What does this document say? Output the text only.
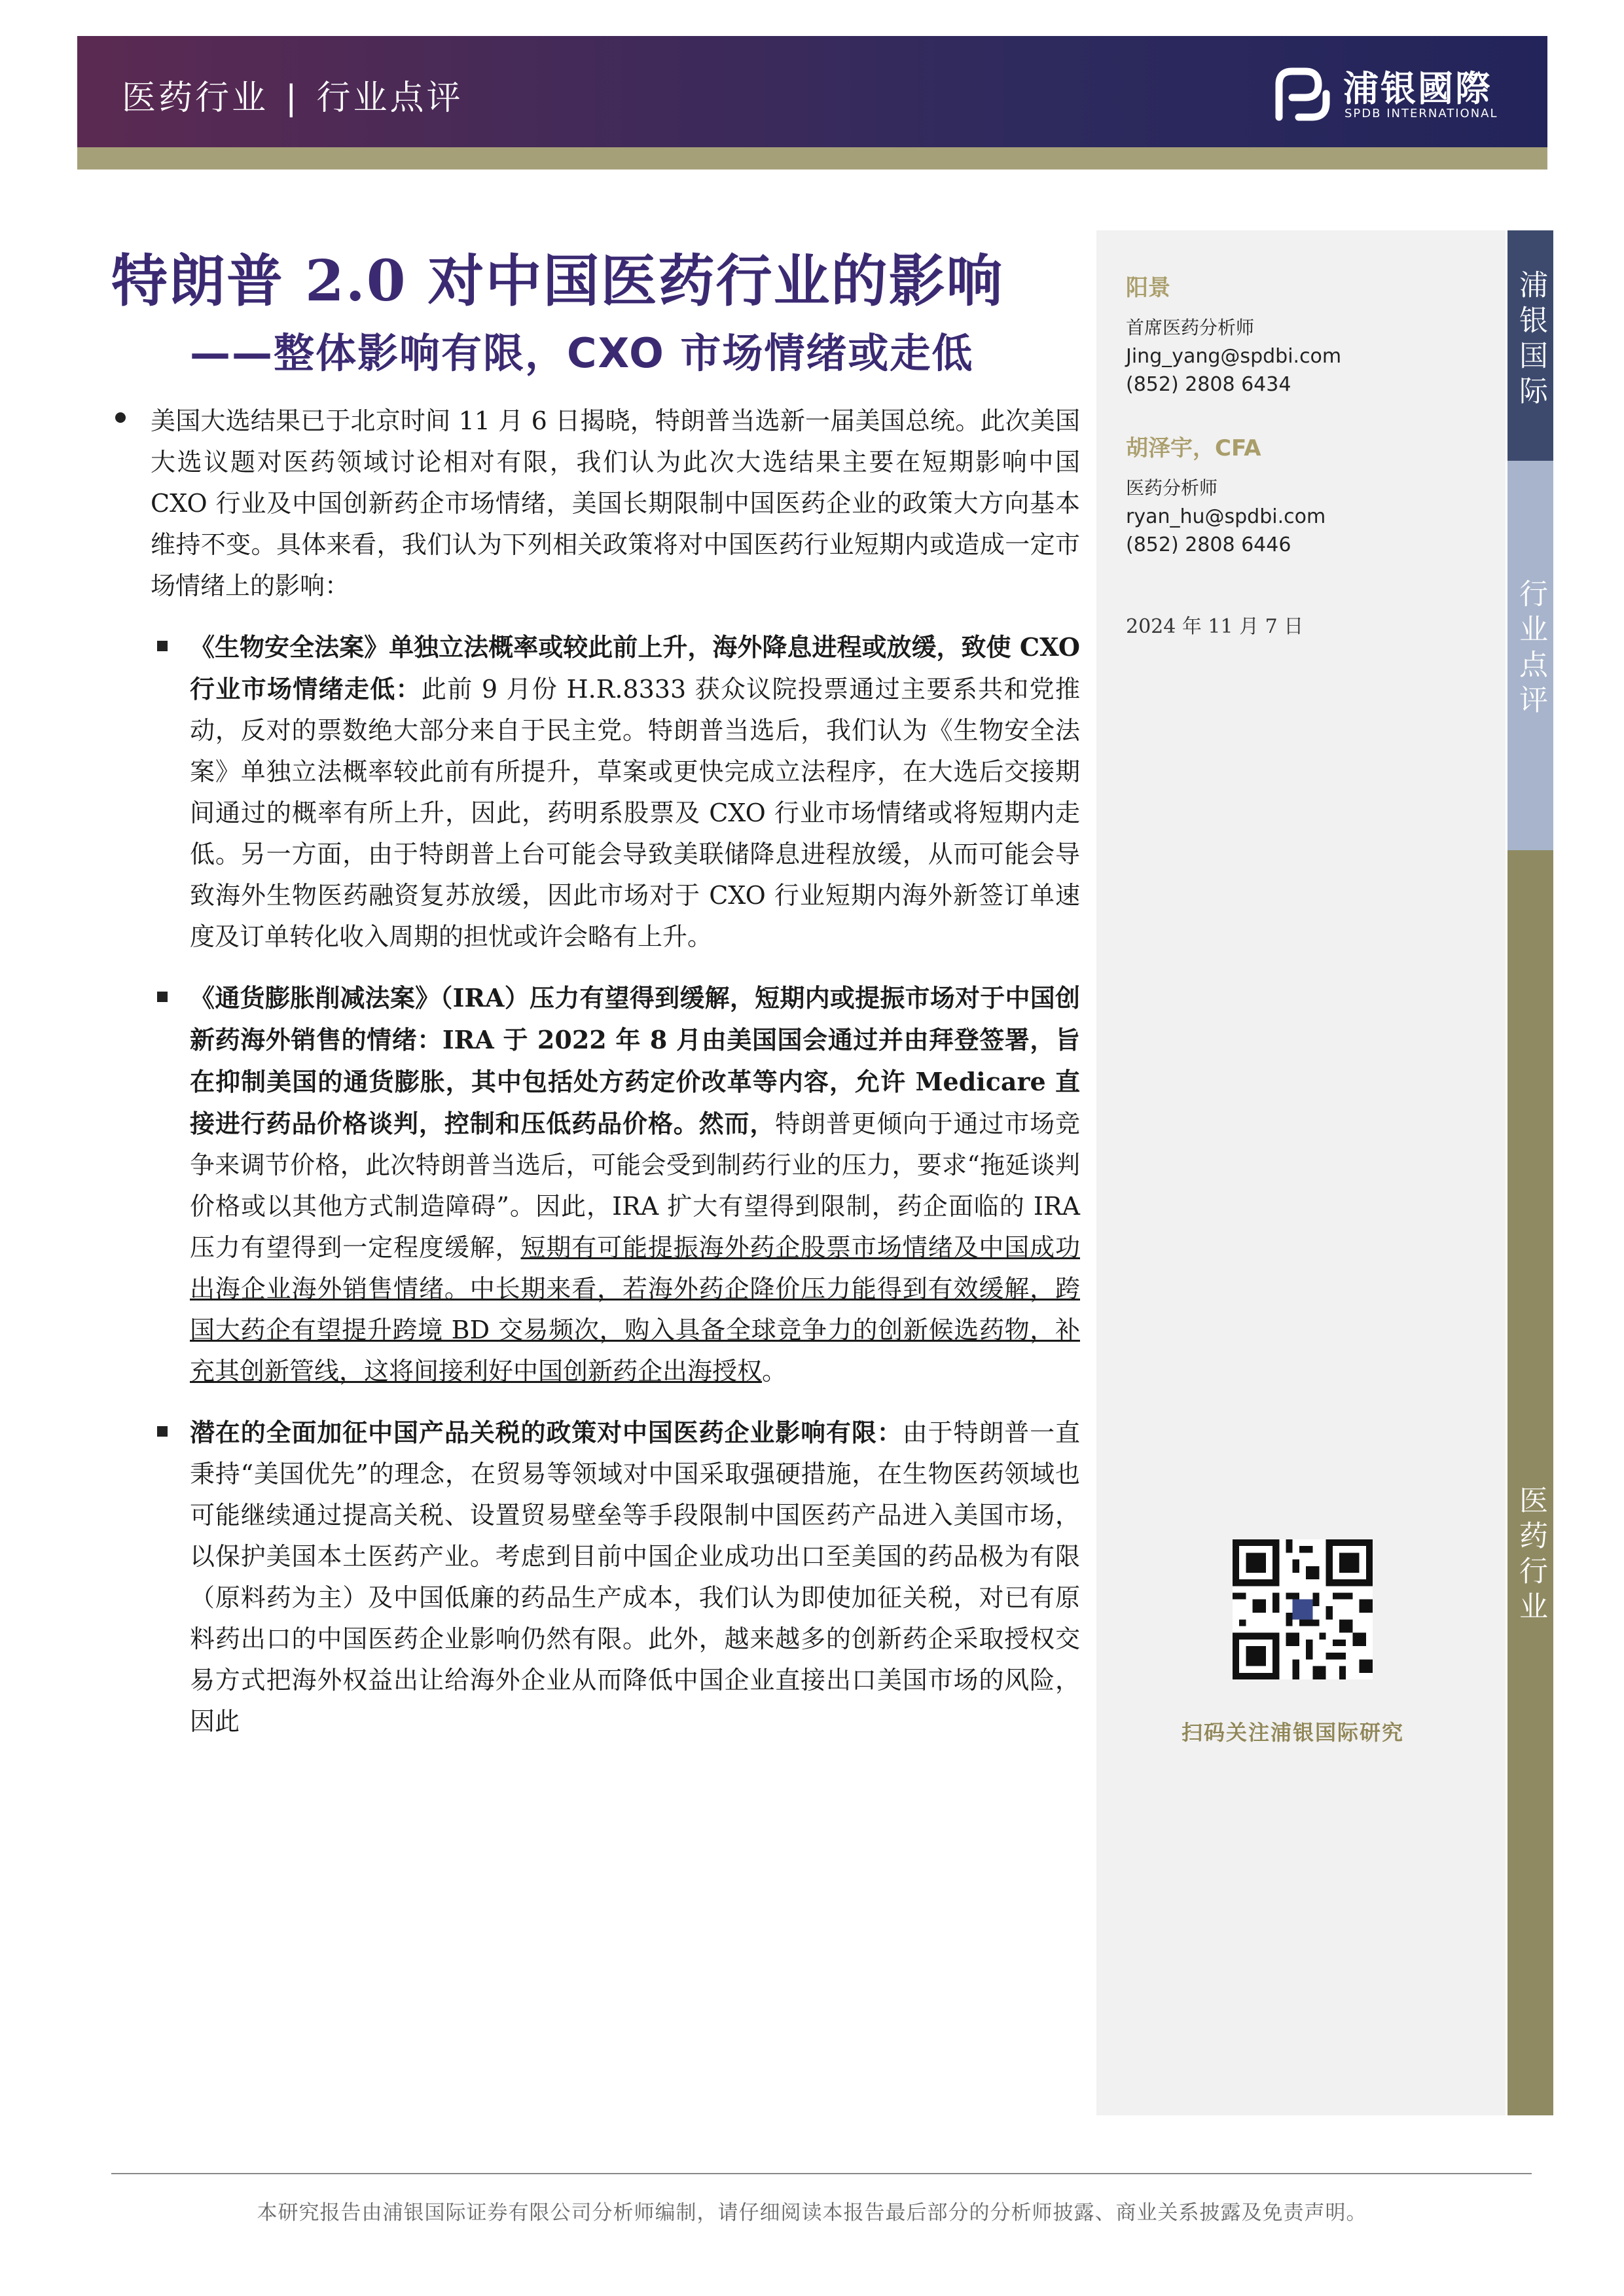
医药行业 | 行业点评	浦银國際
SPDB INTERNATIONAL
特朗普 2.0 对中国医药行业的影响
——整体影响有限，CXO 市场情绪或走低
美国大选结果已于北京时间 11 月 6 日揭晓，特朗普当选新一届美国总统。此次美国大选议题对医药领域讨论相对有限，我们认为此次大选结果主要在短期影响中国 CXO 行业及中国创新药企市场情绪，美国长期限制中国医药企业的政策大方向基本维持不变。具体来看，我们认为下列相关政策将对中国医药行业短期内或造成一定市场情绪上的影响：
《生物安全法案》单独立法概率或较此前上升，海外降息进程或放缓，致使 CXO 行业市场情绪走低：此前 9 月份 H.R.8333 获众议院投票通过主要系共和党推动，反对的票数绝大部分来自于民主党。特朗普当选后，我们认为《生物安全法案》单独立法概率较此前有所提升，草案或更快完成立法程序，在大选后交接期间通过的概率有所上升，因此，药明系股票及 CXO 行业市场情绪或将短期内走低。另一方面，由于特朗普上台可能会导致美联储降息进程放缓，从而可能会导致海外生物医药融资复苏放缓，因此市场对于 CXO 行业短期内海外新签订单速度及订单转化收入周期的担忧或许会略有上升。
《通货膨胀削减法案》（IRA）压力有望得到缓解，短期内或提振市场对于中国创新药海外销售的情绪：IRA 于 2022 年 8 月由美国国会通过并由拜登签署，旨在抑制美国的通货膨胀，其中包括处方药定价改革等内容，允许 Medicare 直接进行药品价格谈判，控制和压低药品价格。然而，特朗普更倾向于通过市场竞争来调节价格，此次特朗普当选后，可能会受到制药行业的压力，要求“拖延谈判价格或以其他方式制造障碍”。因此，IRA 扩大有望得到限制，药企面临的 IRA 压力有望得到一定程度缓解，短期有可能提振海外药企股票市场情绪及中国成功出海企业海外销售情绪。中长期来看，若海外药企降价压力能得到有效缓解，跨国大药企有望提升跨境 BD 交易频次，购入具备全球竞争力的创新候选药物，补充其创新管线，这将间接利好中国创新药企出海授权。
潜在的全面加征中国产品关税的政策对中国医药企业影响有限：由于特朗普一直秉持“美国优先”的理念，在贸易等领域对中国采取强硬措施，在生物医药领域也可能继续通过提高关税、设置贸易壁垒等手段限制中国医药产品进入美国市场，以保护美国本土医药产业。考虑到目前中国企业成功出口至美国的药品极为有限（原料药为主）及中国低廉的药品生产成本，我们认为即使加征关税，对已有原料药出口的中国医药企业影响仍然有限。此外，越来越多的创新药企采取授权交易方式把海外权益出让给海外企业从而降低中国企业直接出口美国市场的风险，因此
阳景
首席医药分析师
Jing_yang@spdbi.com
(852) 2808 6434
胡泽宇，CFA
医药分析师
ryan_hu@spdbi.com
(852) 2808 6446
2024 年 11 月 7 日
扫码关注浦银国际研究
浦银国际
行业点评
医药行业
本研究报告由浦银国际证券有限公司分析师编制，请仔细阅读本报告最后部分的分析师披露、商业关系披露及免责声明。
